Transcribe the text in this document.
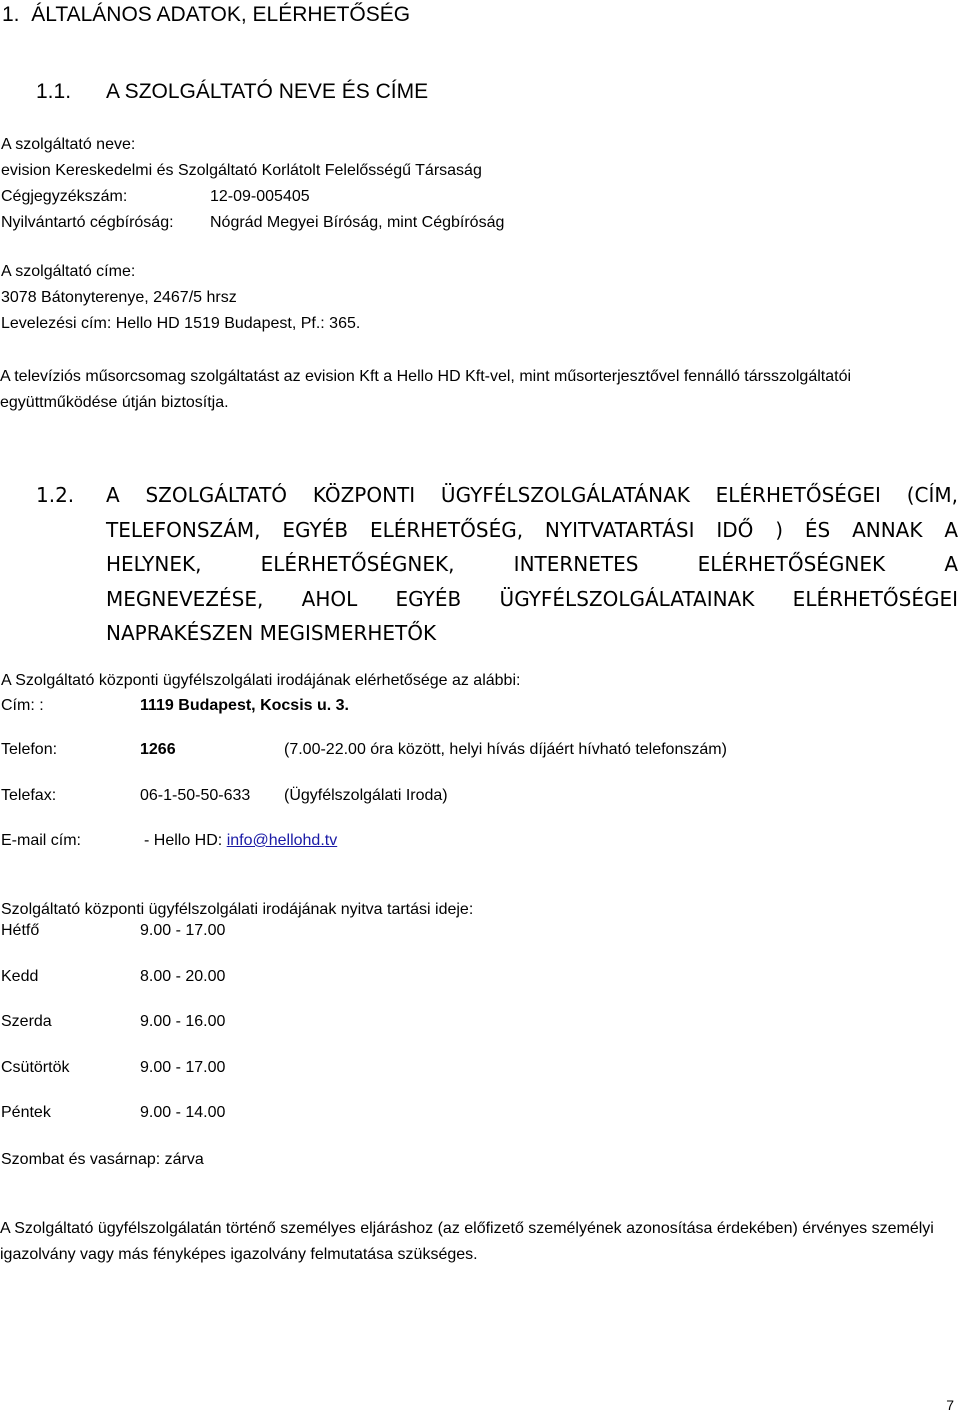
1. ÁLTALÁNOS ADATOK, ELÉRHETŐSÉG
1.1. A SZOLGÁLTATÓ NEVE ÉS CÍME
A szolgáltató neve:
evision Kereskedelmi és Szolgáltató Korlátolt Felelősségű Társaság
Cégjegyzékszám:	12-09-005405
Nyilvántartó cégbíróság: Nógrád Megyei Bíróság, mint Cégbíróság
A szolgáltató címe:
3078 Bátonyterenye, 2467/5 hrsz
Levelezési cím: Hello HD 1519 Budapest, Pf.: 365.
A televíziós műsorcsomag szolgáltatást az evision Kft a Hello HD Kft-vel, mint műsorterjesztővel fennálló társszolgáltatói együttműködése útján biztosítja.
1.2. A SZOLGÁLTATÓ KÖZPONTI ÜGYFÉLSZOLGÁLATÁNAK ELÉRHETŐSÉGEI (CÍM,
TELEFONSZÁM, EGYÉB ELÉRHETŐSÉG, NYITVATARTÁSI IDŐ ) ÉS ANNAK A
HELYNEK, ELÉRHETŐSÉGNEK, INTERNETES ELÉRHETŐSÉGNEK A
MEGNEVEZÉSE, AHOL EGYÉB ÜGYFÉLSZOLGÁLATAINAK ELÉRHETŐSÉGEI
NAPRAKÉSZEN MEGISMERHETŐK
A Szolgáltató központi ügyfélszolgálati irodájának elérhetősége az alábbi:
Cím: :	1119 Budapest, Kocsis u. 3.
Telefon:	1266	(7.00-22.00 óra között, helyi hívás díjáért hívható telefonszám)
Telefax:	06-1-50-50-633 (Ügyfélszolgálati Iroda)
E-mail cím:	- Hello HD: info@hellohd.tv
Szolgáltató központi ügyfélszolgálati irodájának nyitva tartási ideje:
Hétfő	9.00 - 17.00
Kedd	8.00 - 20.00
Szerda	9.00 - 16.00
Csütörtök	9.00 - 17.00
Péntek	9.00 - 14.00
Szombat és vasárnap: zárva
A Szolgáltató ügyfélszolgálatán történő személyes eljáráshoz (az előfizető személyének azonosítása érdekében) érvényes személyi igazolvány vagy más fényképes igazolvány felmutatása szükséges.
7
